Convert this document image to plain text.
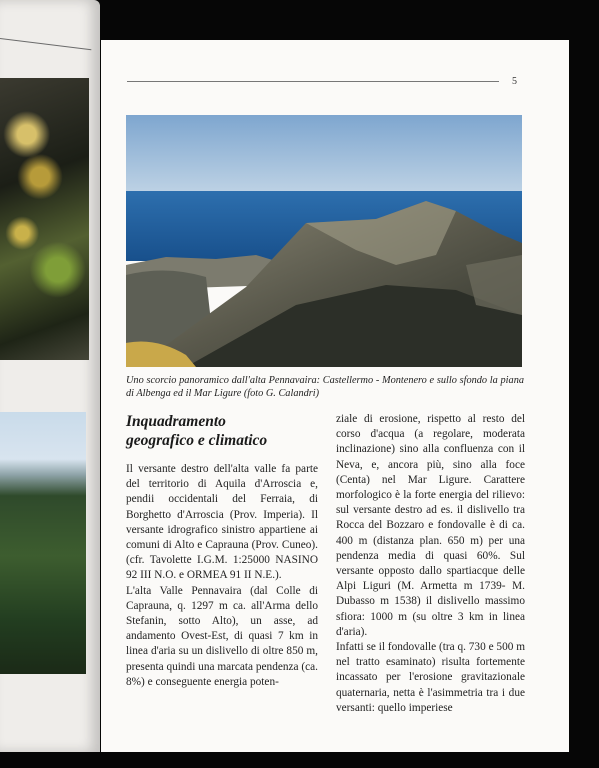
5
Uno scorcio panoramico dall'alta Pennavaira: Castellermo - Montenero e sullo sfondo la piana di Albenga ed il Mar Ligure (foto G. Calandri)
Inquadramento
geografico e climatico

Il versante destro dell'alta valle fa parte del territorio di Aquila d'Arroscia e, pendii occidentali del Ferraia, di Borghetto d'Arroscia (Prov. Imperia). Il versante idrografico sinistro appartiene ai comuni di Alto e Caprauna (Prov. Cuneo). (cfr. Tavolette I.G.M. 1:25000 NASINO 92 III N.O. e ORMEA 91 II N.E.).

L'alta Valle Pennavaira (dal Colle di Caprauna, q. 1297 m ca. all'Arma dello Stefanin, sotto Alto), un asse, ad andamento Ovest-Est, di quasi 7 km in linea d'aria su un dislivello di oltre 850 m, presenta quindi una marcata pendenza (ca. 8%) e conseguente energia poten-

ziale di erosione, rispetto al resto del corso d'acqua (a regolare, moderata inclinazione) sino alla confluenza con il Neva, e, ancora più, sino alla foce (Centa) nel Mar Ligure. Carattere morfologico è la forte energia del rilievo: sul versante destro ad es. il dislivello tra Rocca del Bozzaro e fondovalle è di ca. 400 m (distanza plan. 650 m) per una pendenza media di quasi 60%. Sul versante opposto dallo spartiacque delle Alpi Liguri (M. Armetta m 1739- M. Dubasso m 1538) il dislivello massimo sfiora: 1000 m (su oltre 3 km in linea d'aria).

Infatti se il fondovalle (tra q. 730 e 500 m nel tratto esaminato) risulta fortemente incassato per l'erosione gravitazionale quaternaria, netta è l'asimmetria tra i due versanti: quello imperiese
